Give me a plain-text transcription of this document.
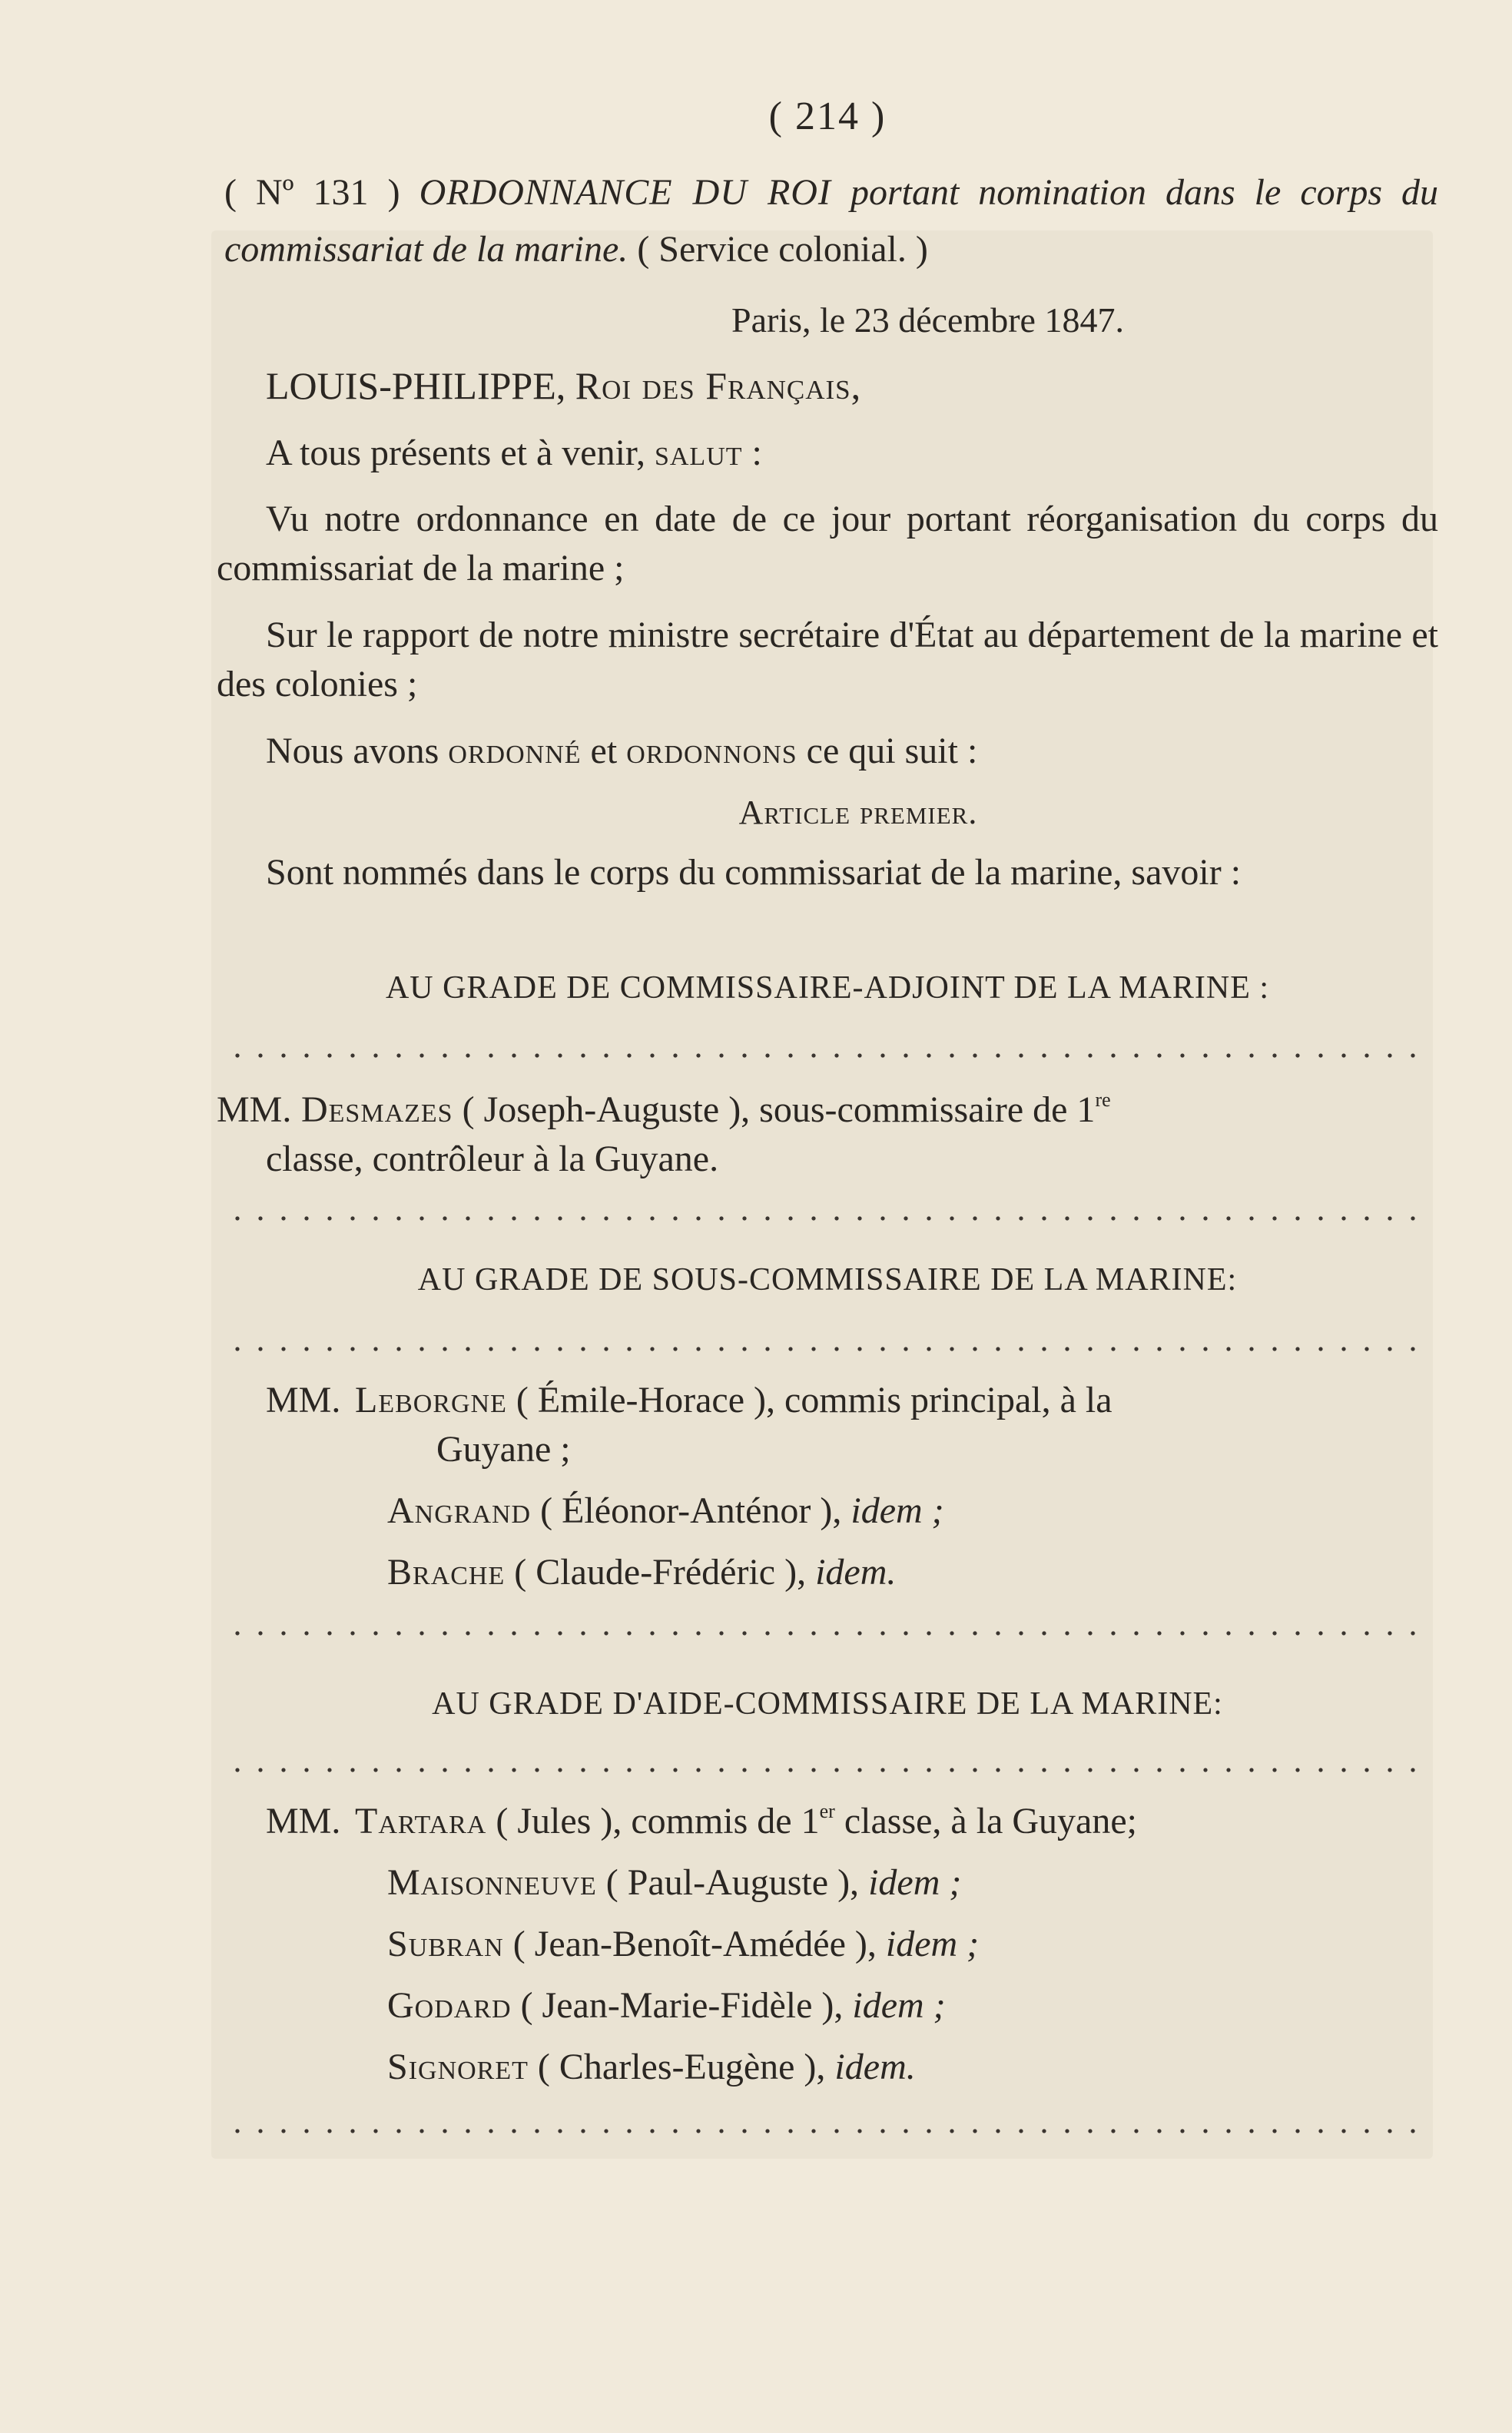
( 214 )
( Nº 131 ) ORDONNANCE DU ROI portant nomination dans le corps du commissariat de la marine. ( Service colonial. )
Paris, le 23 décembre 1847.
LOUIS-PHILIPPE, Roi des Français,
A tous présents et à venir, salut :
Vu notre ordonnance en date de ce jour portant réorganisation du corps du commissariat de la marine ;
Sur le rapport de notre ministre secrétaire d'État au département de la marine et des colonies ;
Nous avons ordonné et ordonnons ce qui suit :
Article premier.
Sont nommés dans le corps du commissariat de la marine, savoir :
AU GRADE DE COMMISSAIRE-ADJOINT DE LA MARINE :
MM. Desmazes ( Joseph-Auguste ), sous-commissaire de 1re
classe, contrôleur à la Guyane.
AU GRADE DE SOUS-COMMISSAIRE DE LA MARINE:
MM. Leborgne ( Émile-Horace ), commis principal, à la
Guyane ;
Angrand ( Éléonor-Anténor ), idem ;
Brache ( Claude-Frédéric ), idem.
AU GRADE D'AIDE-COMMISSAIRE DE LA MARINE:
MM. Tartara ( Jules ), commis de 1er classe, à la Guyane;
Maisonneuve ( Paul-Auguste ), idem ;
Subran ( Jean-Benoît-Amédée ), idem ;
Godard ( Jean-Marie-Fidèle ), idem ;
Signoret ( Charles-Eugène ), idem.
